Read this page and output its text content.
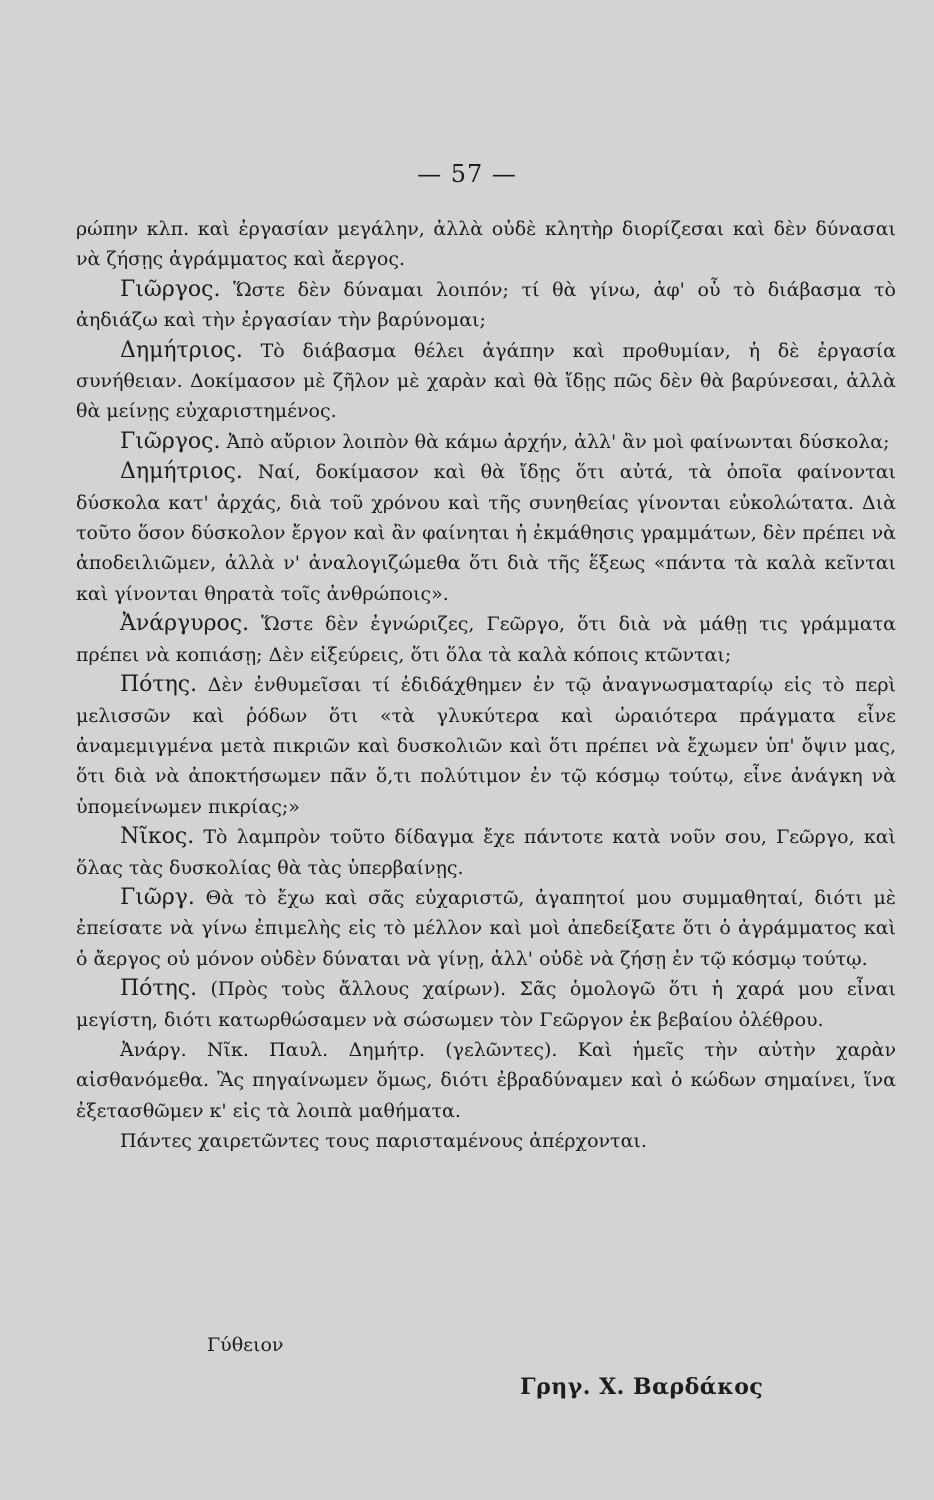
— 57 —

ρώπην κλπ. καὶ ἐργασίαν μεγάλην, ἀλλὰ οὐδὲ κλητὴρ διορίζεσαι καὶ δὲν δύνασαι νὰ ζήσῃς ἀγράμματος καὶ ἄεργος.

Γιῶργος. Ὥστε δὲν δύναμαι λοιπόν; τί θὰ γίνω, ἀφ' οὗ τὸ διάβασμα τὸ ἀηδιάζω καὶ τὴν ἐργασίαν τὴν βαρύνομαι;

Δημήτριος. Τὸ διάβασμα θέλει ἀγάπην καὶ προθυμίαν, ἡ δὲ ἐργασία συνήθειαν. Δοκίμασον μὲ ζῆλον μὲ χαρὰν καὶ θὰ ἴδῃς πῶς δὲν θὰ βαρύνεσαι, ἀλλὰ θὰ μείνῃς εὐχαριστημένος.

Γιῶργος. Ἀπὸ αὔριον λοιπὸν θὰ κάμω ἀρχήν, ἀλλ' ἂν μοὶ φαίνωνται δύσκολα;

Δημήτριος. Ναί, δοκίμασον καὶ θὰ ἴδῃς ὅτι αὐτά, τὰ ὁποῖα φαίνονται δύσκολα κατ' ἀρχάς, διὰ τοῦ χρόνου καὶ τῆς συνηθείας γίνονται εὐκολώτατα. Διὰ τοῦτο ὅσον δύσκολον ἔργον καὶ ἂν φαίνηται ἡ ἐκμάθησις γραμμάτων, δὲν πρέπει νὰ ἀποδειλιῶμεν, ἀλλὰ ν' ἀναλογιζώμεθα ὅτι διὰ τῆς ἕξεως «πάντα τὰ καλὰ κεῖνται καὶ γίνονται θηρατὰ τοῖς ἀνθρώποις».

Ἀνάργυρος. Ὥστε δὲν ἐγνώριζες, Γεῶργο, ὅτι διὰ νὰ μάθῃ τις γράμματα πρέπει νὰ κοπιάσῃ; Δὲν εἰξεύρεις, ὅτι ὅλα τὰ καλὰ κόποις κτῶνται;

Πότης. Δὲν ἐνθυμεῖσαι τί ἐδιδάχθημεν ἐν τῷ ἀναγνωσματαρίῳ εἰς τὸ περὶ μελισσῶν καὶ ῥόδων ὅτι «τὰ γλυκύτερα καὶ ὡραιότερα πράγματα εἶνε ἀναμεμιγμένα μετὰ πικριῶν καὶ δυσκολιῶν καὶ ὅτι πρέπει νὰ ἔχωμεν ὑπ' ὄψιν μας, ὅτι διὰ νὰ ἀποκτήσωμεν πᾶν ὅ,τι πολύτιμον ἐν τῷ κόσμῳ τούτῳ, εἶνε ἀνάγκη νὰ ὑπομείνωμεν πικρίας;»

Νῖκος. Τὸ λαμπρὸν τοῦτο δίδαγμα ἔχε πάντοτε κατὰ νοῦν σου, Γεῶργο, καὶ ὅλας τὰς δυσκολίας θὰ τὰς ὑπερβαίνῃς.

Γιῶργ. Θὰ τὸ ἔχω καὶ σᾶς εὐχαριστῶ, ἀγαπητοί μου συμμαθηταί, διότι μὲ ἐπείσατε νὰ γίνω ἐπιμελὴς εἰς τὸ μέλλον καὶ μοὶ ἀπεδείξατε ὅτι ὁ ἀγράμματος καὶ ὁ ἄεργος οὐ μόνον οὐδὲν δύναται νὰ γίνῃ, ἀλλ' οὐδὲ νὰ ζήσῃ ἐν τῷ κόσμῳ τούτῳ.

Πότης. (Πρὸς τοὺς ἄλλους χαίρων). Σᾶς ὁμολογῶ ὅτι ἡ χαρά μου εἶναι μεγίστη, διότι κατωρθώσαμεν νὰ σώσωμεν τὸν Γεῶργον ἐκ βεβαίου ὀλέθρου.

Ἀνάργ. Νῖκ. Παυλ. Δημήτρ. (γελῶντες). Καὶ ἡμεῖς τὴν αὐτὴν χαρὰν αἰσθανόμεθα. Ἂς πηγαίνωμεν ὅμως, διότι ἐβραδύναμεν καὶ ὁ κώδων σημαίνει, ἵνα ἐξετασθῶμεν κ' εἰς τὰ λοιπὰ μαθήματα.

Πάντες χαιρετῶντες τους παρισταμένους ἀπέρχονται.

Γύθειον
Γρηγ. Χ. Βαρδάκος
